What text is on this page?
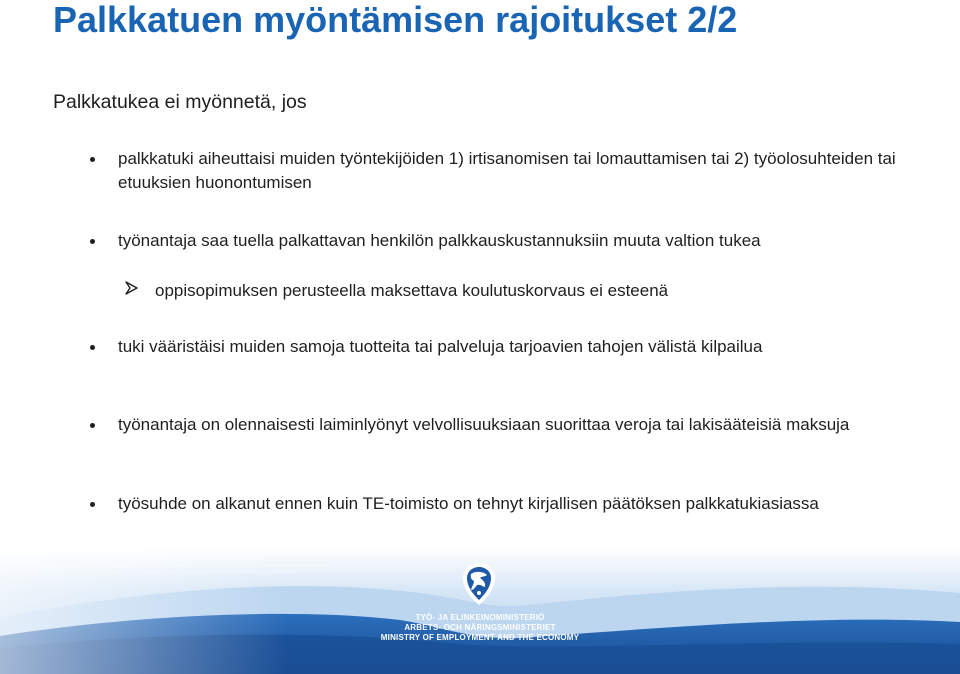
Palkkatuen myöntämisen rajoitukset 2/2

Palkkatukea ei myönnetä, jos

palkkatuki aiheuttaisi muiden työntekijöiden 1) irtisanomisen tai lomauttamisen tai 2) työolosuhteiden tai etuuksien huonontumisen
työnantaja saa tuella palkattavan henkilön palkkauskustannuksiin muuta valtion tukea
oppisopimuksen perusteella maksettava koulutuskorvaus ei esteenä
tuki vääristäisi muiden samoja tuotteita tai palveluja tarjoavien tahojen välistä kilpailua
työnantaja on olennaisesti laiminlyönyt velvollisuuksiaan suorittaa veroja tai lakisääteisiä maksuja
työsuhde on alkanut ennen kuin TE-toimisto on tehnyt kirjallisen päätöksen palkkatukiasiassa
TYÖ- JA ELINKEINOMINISTERIÖ
ARBETS- OCH NÄRINGSMINISTERIET
MINISTRY OF EMPLOYMENT AND THE ECONOMY
